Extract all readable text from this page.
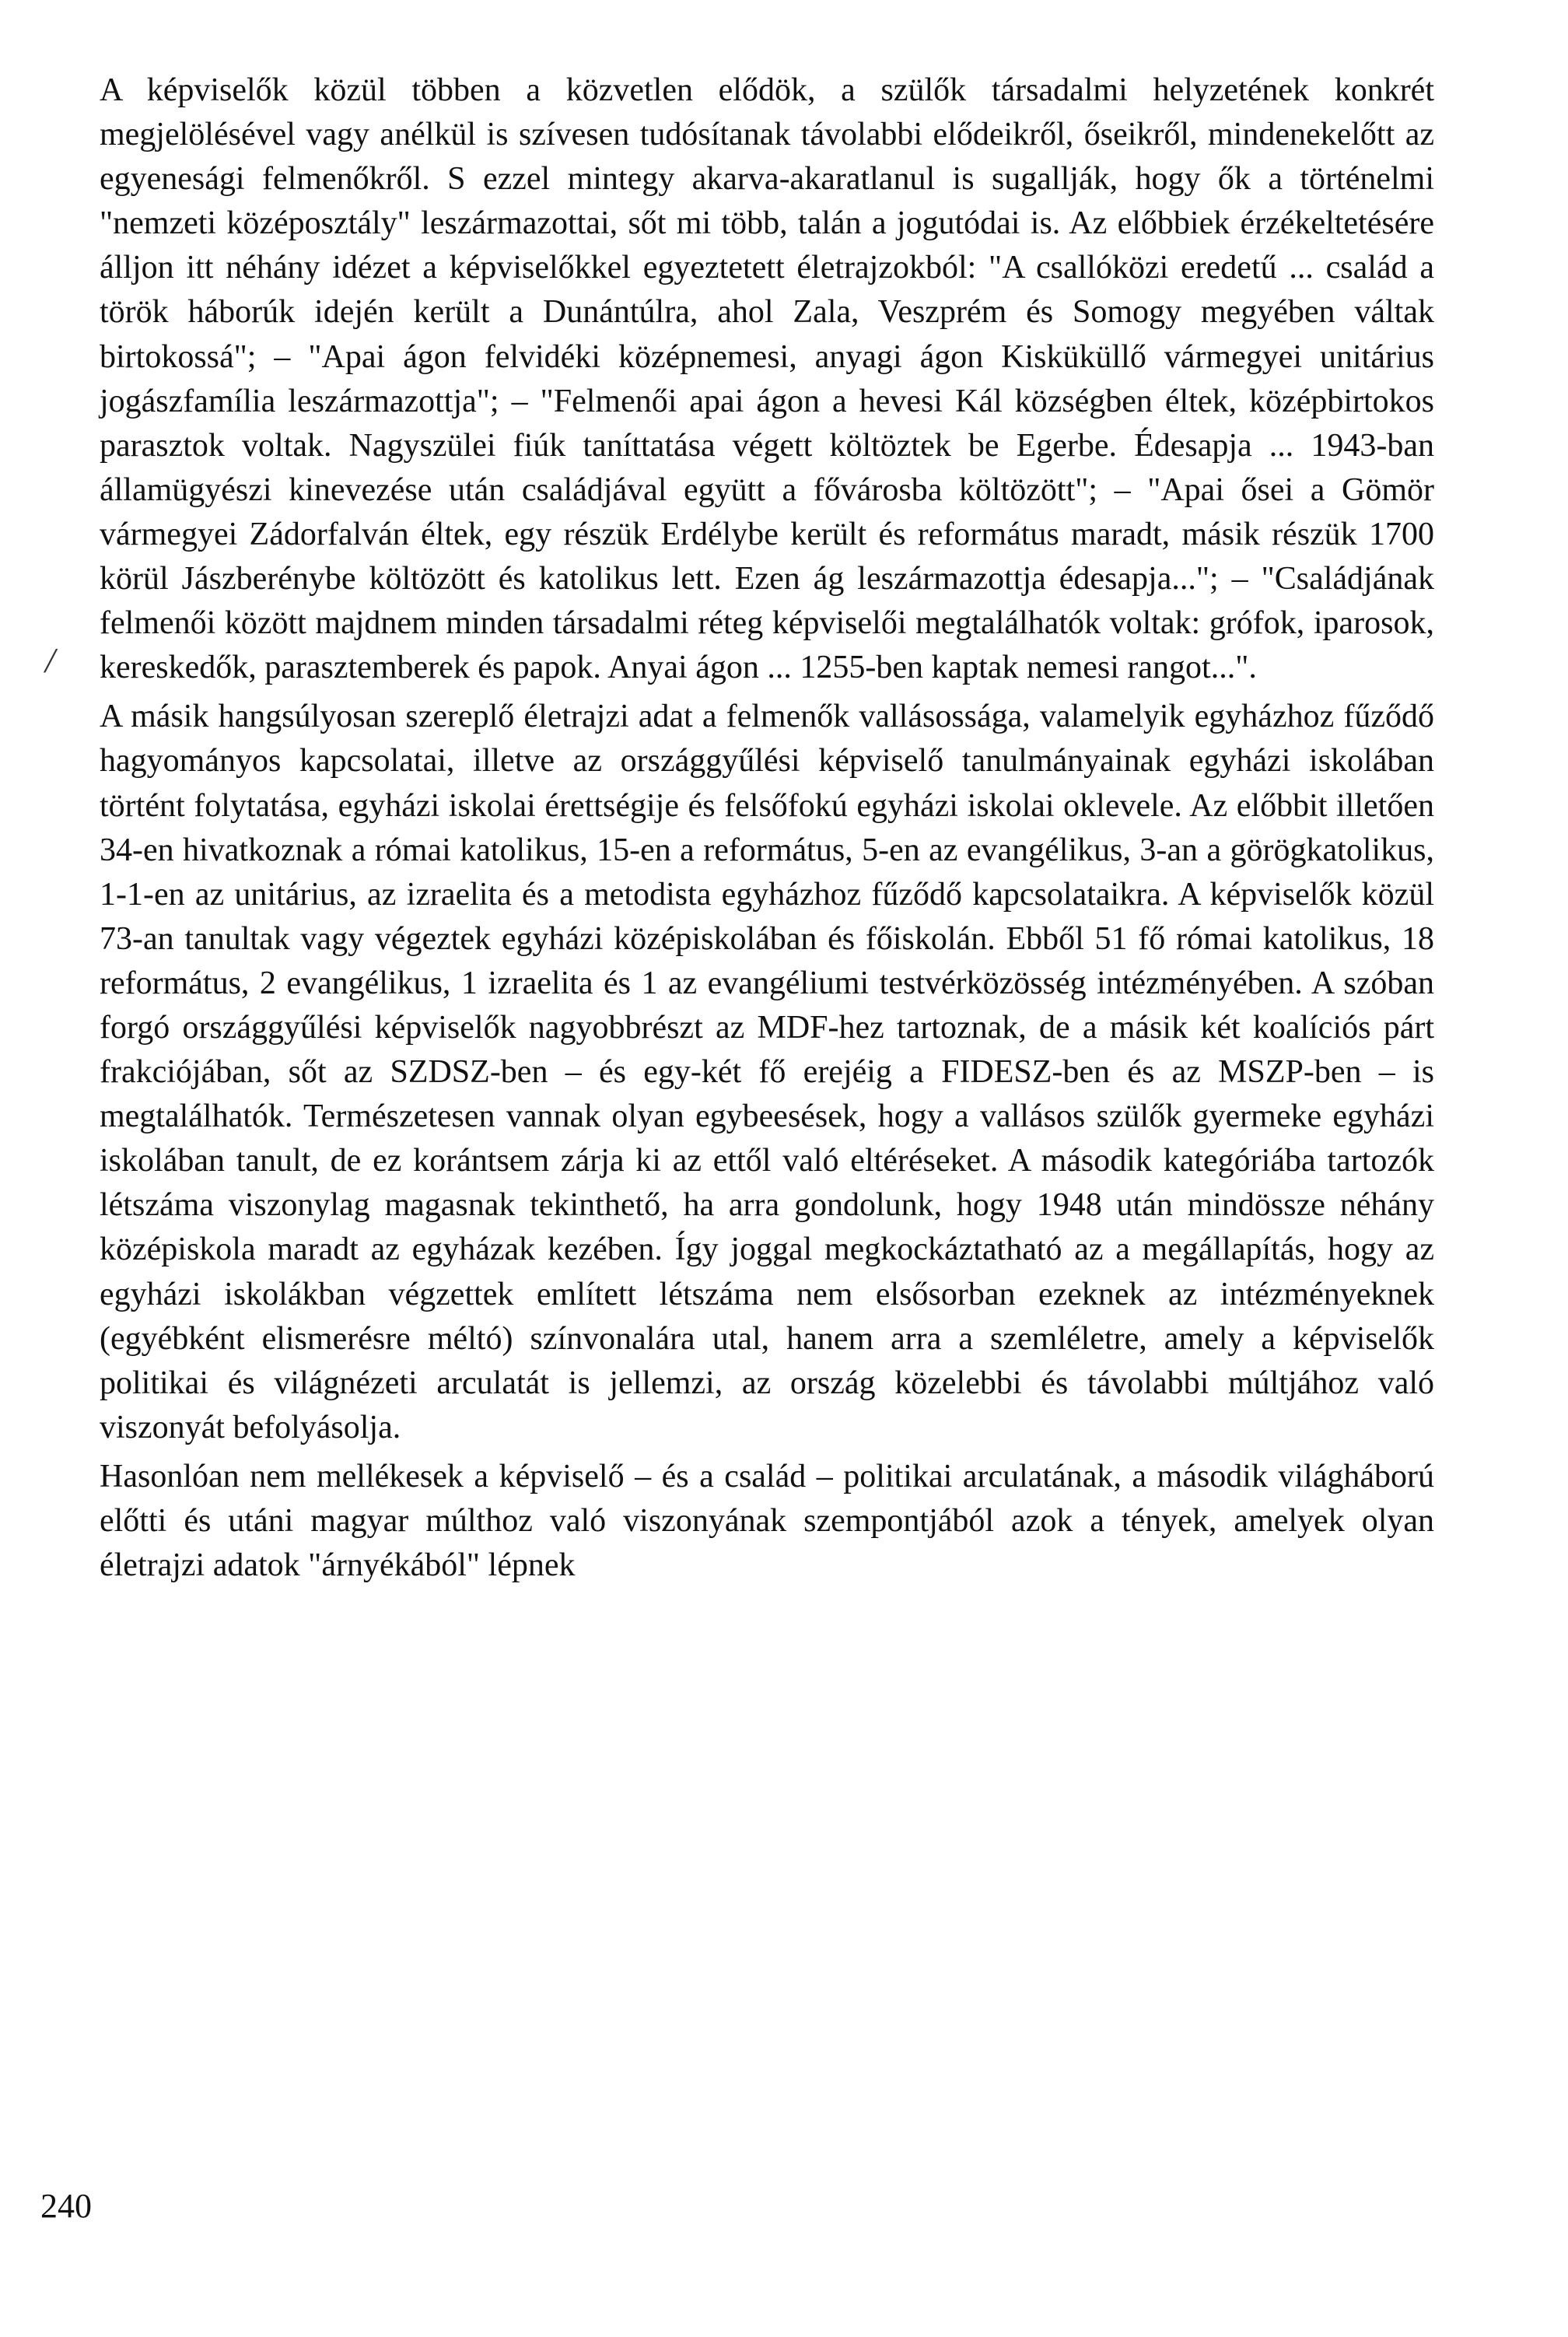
A képviselők közül többen a közvetlen elődök, a szülők társadalmi helyzetének konkrét megjelölésével vagy anélkül is szívesen tudósítanak távolabbi elődeikről, őseikről, mindenekelőtt az egyenesági felmenőkről. S ezzel mintegy akarva-akaratlanul is sugallják, hogy ők a történelmi "nemzeti középosztály" leszármazottai, sőt mi több, talán a jogutódai is. Az előbbiek érzékeltetésére álljon itt néhány idézet a képviselőkkel egyeztetett életrajzokból: "A csallóközi eredetű ... család a török háborúk idején került a Dunántúlra, ahol Zala, Veszprém és Somogy megyében váltak birtokossá"; – "Apai ágon felvidéki középnemesi, anyagi ágon Kisküküllő vármegyei unitárius jogászfamília leszármazottja"; – "Felmenői apai ágon a hevesi Kál községben éltek, középbirtokos parasztok voltak. Nagyszülei fiúk taníttatása végett költöztek be Egerbe. Édesapja ... 1943-ban államügyészi kinevezése után családjával együtt a fővárosba költözött"; – "Apai ősei a Gömör vármegyei Zádorfalván éltek, egy részük Erdélybe került és református maradt, másik részük 1700 körül Jászberénybe költözött és katolikus lett. Ezen ág leszármazottja édesapja..."; – "Családjának felmenői között majdnem minden társadalmi réteg képviselői megtalálhatók voltak: grófok, iparosok, kereskedők, parasztemberek és papok. Anyai ágon ... 1255-ben kaptak nemesi rangot...".

A másik hangsúlyosan szereplő életrajzi adat a felmenők vallásossága, valamelyik egyházhoz fűződő hagyományos kapcsolatai, illetve az országgyűlési képviselő tanulmányainak egyházi iskolában történt folytatása, egyházi iskolai érettségije és felsőfokú egyházi iskolai oklevele. Az előbbit illetően 34-en hivatkoznak a római katolikus, 15-en a református, 5-en az evangélikus, 3-an a görögkatolikus, 1-1-en az unitárius, az izraelita és a metodista egyházhoz fűződő kapcsolataikra. A képviselők közül 73-an tanultak vagy végeztek egyházi középiskolában és főiskolán. Ebből 51 fő római katolikus, 18 református, 2 evangélikus, 1 izraelita és 1 az evangéliumi testvérközösség intézményében. A szóban forgó országgyűlési képviselők nagyobbrészt az MDF-hez tartoznak, de a másik két koalíciós párt frakciójában, sőt az SZDSZ-ben – és egy-két fő erejéig a FIDESZ-ben és az MSZP-ben – is megtalálhatók. Természetesen vannak olyan egybeesések, hogy a vallásos szülők gyermeke egyházi iskolában tanult, de ez korántsem zárja ki az ettől való eltéréseket. A második kategóriába tartozók létszáma viszonylag magasnak tekinthető, ha arra gondolunk, hogy 1948 után mindössze néhány középiskola maradt az egyházak kezében. Így joggal megkockáztatható az a megállapítás, hogy az egyházi iskolákban végzettek említett létszáma nem elsősorban ezeknek az intézményeknek (egyébként elismerésre méltó) színvonalára utal, hanem arra a szemléletre, amely a képviselők politikai és világnézeti arculatát is jellemzi, az ország közelebbi és távolabbi múltjához való viszonyát befolyásolja.

Hasonlóan nem mellékesek a képviselő – és a család – politikai arculatának, a második világháború előtti és utáni magyar múlthoz való viszonyának szempontjából azok a tények, amelyek olyan életrajzi adatok "árnyékából" lépnek

/
240
